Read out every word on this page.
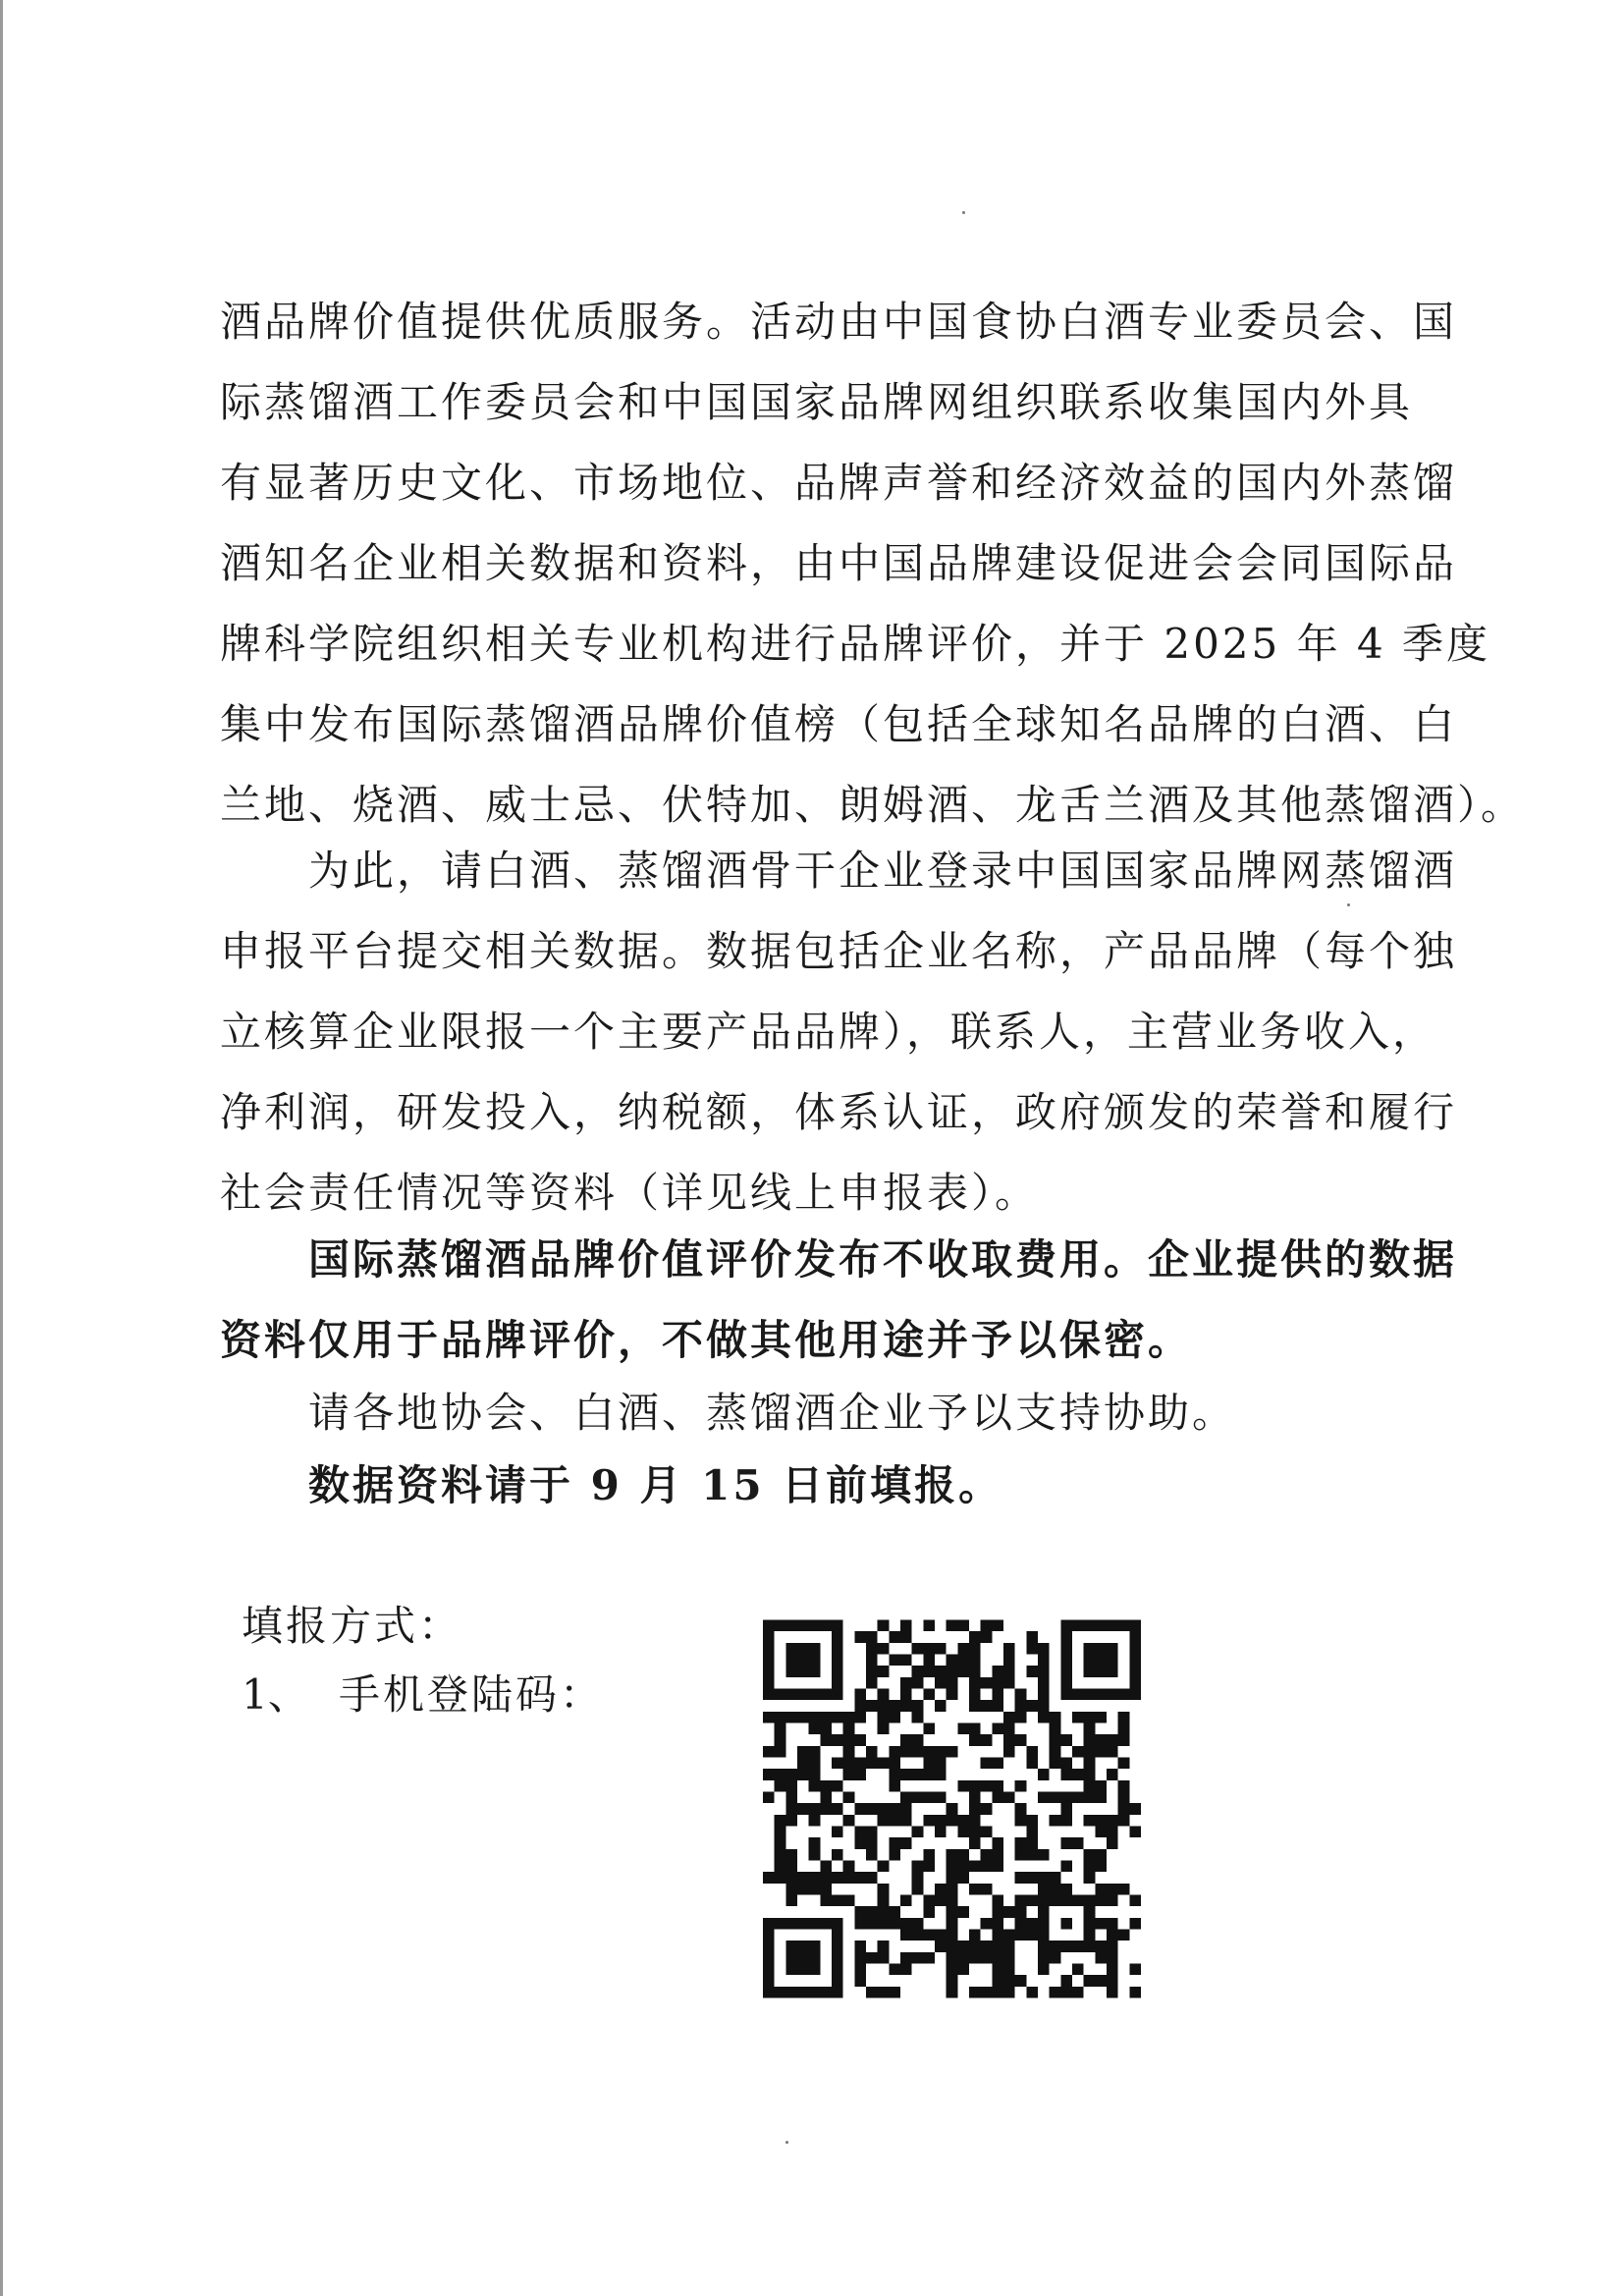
酒品牌价值提供优质服务。活动由中国食协白酒专业委员会、国
际蒸馏酒工作委员会和中国国家品牌网组织联系收集国内外具
有显著历史文化、市场地位、品牌声誉和经济效益的国内外蒸馏
酒知名企业相关数据和资料，由中国品牌建设促进会会同国际品
牌科学院组织相关专业机构进行品牌评价，并于 2025 年 4 季度
集中发布国际蒸馏酒品牌价值榜（包括全球知名品牌的白酒、白
兰地、烧酒、威士忌、伏特加、朗姆酒、龙舌兰酒及其他蒸馏酒）。
　　为此，请白酒、蒸馏酒骨干企业登录中国国家品牌网蒸馏酒
申报平台提交相关数据。数据包括企业名称，产品品牌（每个独
立核算企业限报一个主要产品品牌），联系人，主营业务收入，
净利润，研发投入，纳税额，体系认证，政府颁发的荣誉和履行
社会责任情况等资料（详见线上申报表）。
　　国际蒸馏酒品牌价值评价发布不收取费用。企业提供的数据
资料仅用于品牌评价，不做其他用途并予以保密。
　　请各地协会、白酒、蒸馏酒企业予以支持协助。
　　数据资料请于 9 月 15 日前填报。
填报方式：
1、 手机登陆码：
